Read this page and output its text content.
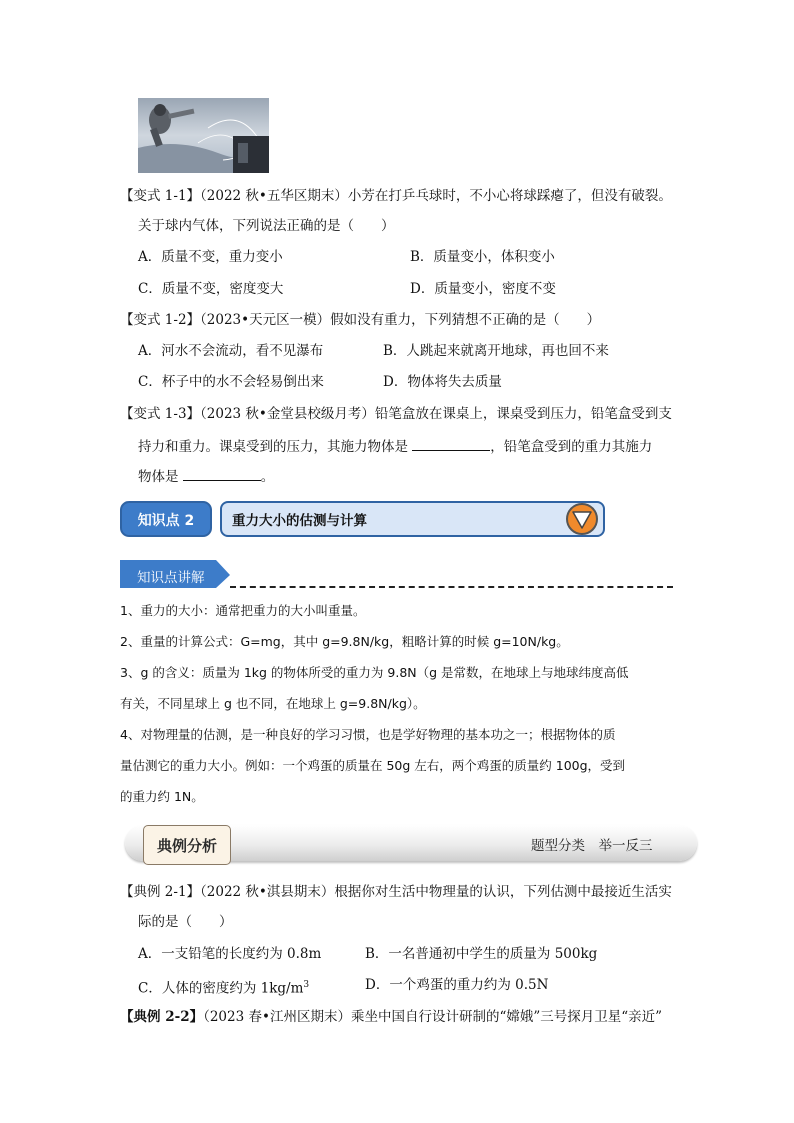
【变式 1-1】（2022 秋•五华区期末）小芳在打乒乓球时，不小心将球踩瘪了，但没有破裂。
关于球内气体，下列说法正确的是（　　）
A．质量不变，重力变小	B．质量变小，体积变小
C．质量不变，密度变大	D．质量变小，密度不变
【变式 1-2】（2023•天元区一模）假如没有重力，下列猜想不正确的是（　　）
A．河水不会流动，看不见瀑布	B．人跳起来就离开地球，再也回不来
C．杯子中的水不会轻易倒出来	D．物体将失去质量
【变式 1-3】（2023 秋•金堂县校级月考）铅笔盒放在课桌上，课桌受到压力，铅笔盒受到支
持力和重力。课桌受到的压力，其施力物体是	，铅笔盒受到的重力其施力
物体是	。
知识点 2	重力大小的估测与计算
知识点讲解
1、重力的大小：通常把重力的大小叫重量。
2、重量的计算公式：G=mg，其中 g=9.8N/kg，粗略计算的时候 g=10N/kg。
3、g 的含义：质量为 1kg 的物体所受的重力为 9.8N（g 是常数，在地球上与地球纬度高低
有关，不同星球上 g 也不同，在地球上 g=9.8N/kg）。
4、对物理量的估测，是一种良好的学习习惯，也是学好物理的基本功之一；根据物体的质
量估测它的重力大小。例如：一个鸡蛋的质量在 50g 左右，两个鸡蛋的质量约 100g，受到
的重力约 1N。
典例分析	题型分类　举一反三
【典例 2-1】（2022 秋•淇县期末）根据你对生活中物理量的认识，下列估测中最接近生活实
际的是（　　）
A．一支铅笔的长度约为 0.8m	B．一名普通初中学生的质量为 500kg
C．人体的密度约为 $1kg/m^3$	D．一个鸡蛋的重力约为 0.5N
【典例 2-2】（2023 春•江州区期末）乘坐中国自行设计研制的“嫦娥”三号探月卫星“亲近”
